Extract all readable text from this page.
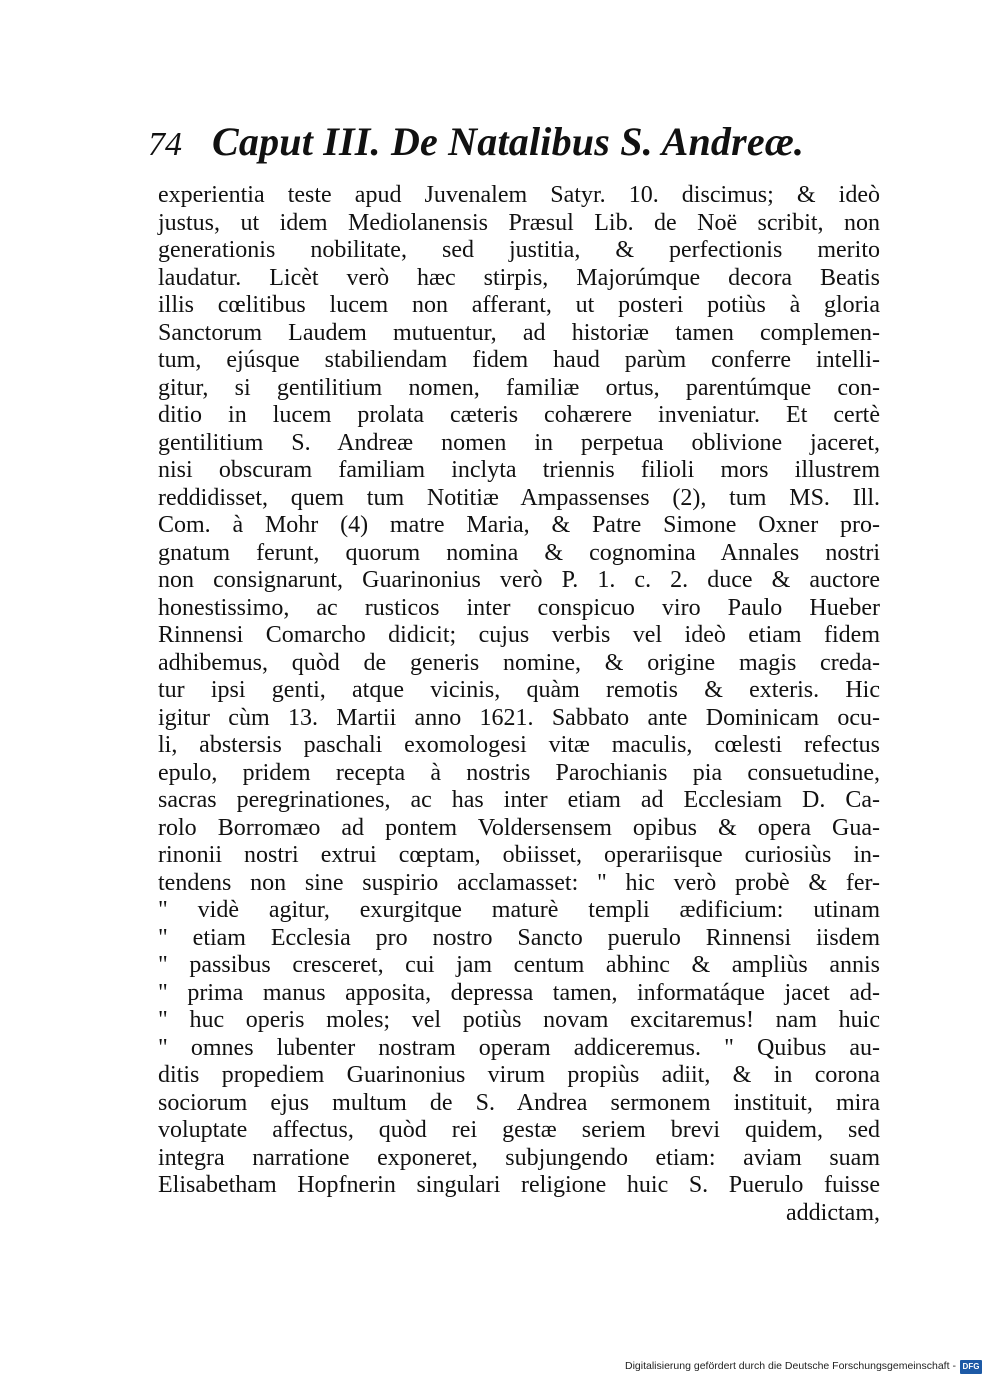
74 Caput III. De Natalibus S. Andreæ.
experientia teste apud Juvenalem Satyr. 10. discimus; & ideò
justus, ut idem Mediolanensis Præsul Lib. de Noë scribit, non
generationis nobilitate, sed justitia, & perfectionis merito
laudatur. Licèt verò hæc stirpis, Majorúmque decora Beatis
illis cœlitibus lucem non afferant, ut posteri potiùs à gloria
Sanctorum Laudem mutuentur, ad historiæ tamen complemen-
tum, ejúsque stabiliendam fidem haud parùm conferre intelli-
gitur, si gentilitium nomen, familiæ ortus, parentúmque con-
ditio in lucem prolata cæteris cohærere inveniatur. Et certè
gentilitium S. Andreæ nomen in perpetua oblivione jaceret,
nisi obscuram familiam inclyta triennis filioli mors illustrem
reddidisset, quem tum Notitiæ Ampassenses (2), tum MS. Ill.
Com. à Mohr (4) matre Maria, & Patre Simone Oxner pro-
gnatum ferunt, quorum nomina & cognomina Annales nostri
non consignarunt, Guarinonius verò P. 1. c. 2. duce & auctore
honestissimo, ac rusticos inter conspicuo viro Paulo Hueber
Rinnensi Comarcho didicit; cujus verbis vel ideò etiam fidem
adhibemus, quòd de generis nomine, & origine magis creda-
tur ipsi genti, atque vicinis, quàm remotis & exteris. Hic
igitur cùm 13. Martii anno 1621. Sabbato ante Dominicam ocu-
li, abstersis paschali exomologesi vitæ maculis, cœlesti refectus
epulo, pridem recepta à nostris Parochianis pia consuetudine,
sacras peregrinationes, ac has inter etiam ad Ecclesiam D. Ca-
rolo Borromæo ad pontem Voldersensem opibus & opera Gua-
rinonii nostri extrui cœptam, obiisset, operariisque curiosiùs in-
tendens non sine suspirio acclamasset: " hic verò probè & fer-
" vidè agitur, exurgitque maturè templi ædificium: utinam
" etiam Ecclesia pro nostro Sancto puerulo Rinnensi iisdem
" passibus cresceret, cui jam centum abhinc & ampliùs annis
" prima manus apposita, depressa tamen, informatáque jacet ad-
" huc operis moles; vel potiùs novam excitaremus! nam huic
" omnes lubenter nostram operam addiceremus. " Quibus au-
ditis propediem Guarinonius virum propiùs adiit, & in corona
sociorum ejus multum de S. Andrea sermonem instituit, mira
voluptate affectus, quòd rei gestæ seriem brevi quidem, sed
integra narratione exponeret, subjungendo etiam: aviam suam
Elisabetham Hopfnerin singulari religione huic S. Puerulo fuisse
addictam,
Digitalisierung gefördert durch die Deutsche Forschungsgemeinschaft - DFG
